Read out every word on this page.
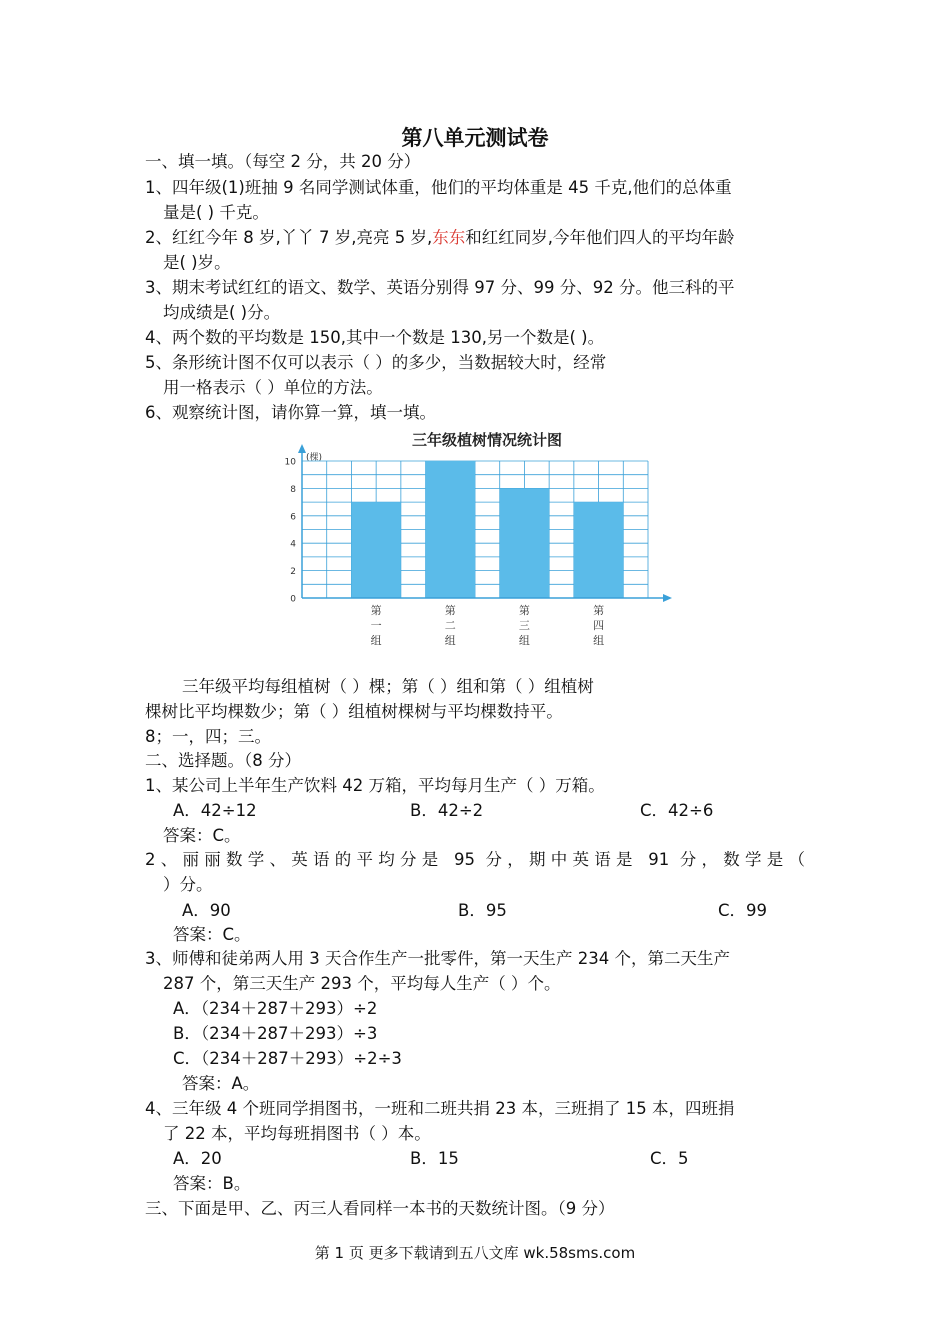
第八单元测试卷
一、填一填。（每空 2 分，共 20 分）
1、四年级(1)班抽 9 名同学测试体重，他们的平均体重是 45 千克,他们的总体重
量是( ) 千克。
2、红红今年 8 岁,丫丫 7 岁,亮亮 5 岁,东东和红红同岁,今年他们四人的平均年龄
是( )岁。
3、期末考试红红的语文、数学、英语分别得 97 分、99 分、92 分。他三科的平
均成绩是( )分。
4、两个数的平均数是 150,其中一个数是 130,另一个数是( )。
5、条形统计图不仅可以表示（ ）的多少，当数据较大时，经常
用一格表示（ ）单位的方法。
6、观察统计图，请你算一算，填一填。
三年级植树情况统计图
(棵)
0
2
4
6
8
10
第
一
组
第
二
组
第
三
组
第
四
组
三年级平均每组植树（ ）棵；第（ ）组和第（ ）组植树
棵树比平均棵数少；第（ ）组植树棵树与平均棵数持平。
8；一，四；三。
二、选择题。（8 分）
1、某公司上半年生产饮料 42 万箱，平均每月生产（ ）万箱。
A．42÷12	B．42÷2	C．42÷6
答案：C。
2、丽丽数学、英语的平均分是 95 分，期中英语是 91 分，数学是（
）分。
A．90	B．95	C．99
答案：C。
3、师傅和徒弟两人用 3 天合作生产一批零件，第一天生产 234 个，第二天生产
287 个，第三天生产 293 个，平均每人生产（ ）个。
A．（234＋287＋293）÷2
B．（234＋287＋293）÷3
C．（234＋287＋293）÷2÷3
答案：A。
4、三年级 4 个班同学捐图书，一班和二班共捐 23 本，三班捐了 15 本，四班捐
了 22 本，平均每班捐图书（ ）本。
A．20	B．15	C．5
答案：B。
三、下面是甲、乙、丙三人看同样一本书的天数统计图。（9 分）
第 1 页 更多下载请到五八文库 wk.58sms.com
